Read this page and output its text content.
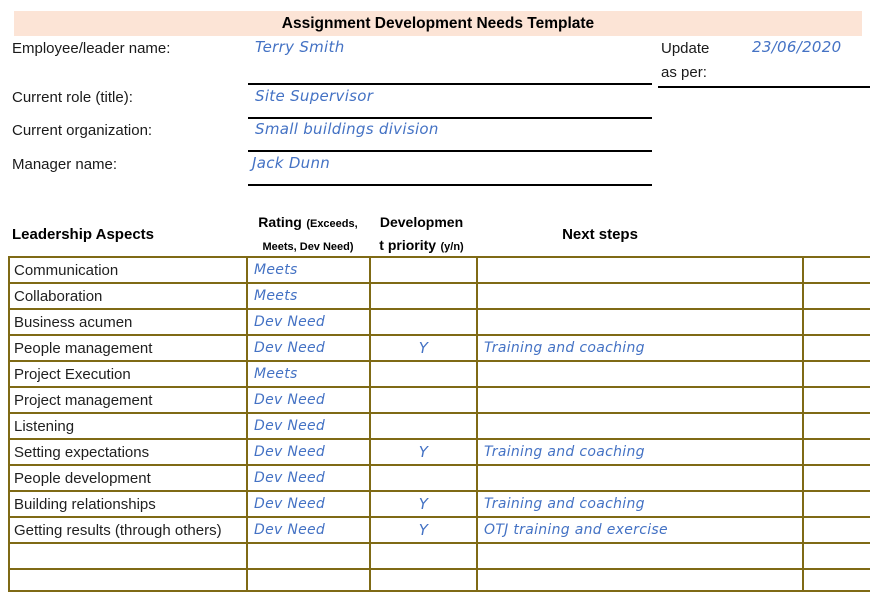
Assignment Development Needs Template
Employee/leader name:	Terry Smith	Update
as per:
23/06/2020
Current role (title):	Site Supervisor
Current organization:	Small buildings division
Manager name:	Jack Dunn
Leadership Aspects
Rating (Exceeds,
Meets, Dev Need)
Developmen
t priority (y/n)
Next steps
Communication	Meets			
Collaboration	Meets			
Business acumen	Dev Need			
People management	Dev Need	Y	Training and coaching	
Project Execution	Meets			
Project management	Dev Need			
Listening	Dev Need			
Setting expectations	Dev Need	Y	Training and coaching	
People development	Dev Need			
Building relationships	Dev Need	Y	Training and coaching	
Getting results (through others)	Dev Need	Y	OTJ training and exercise	
